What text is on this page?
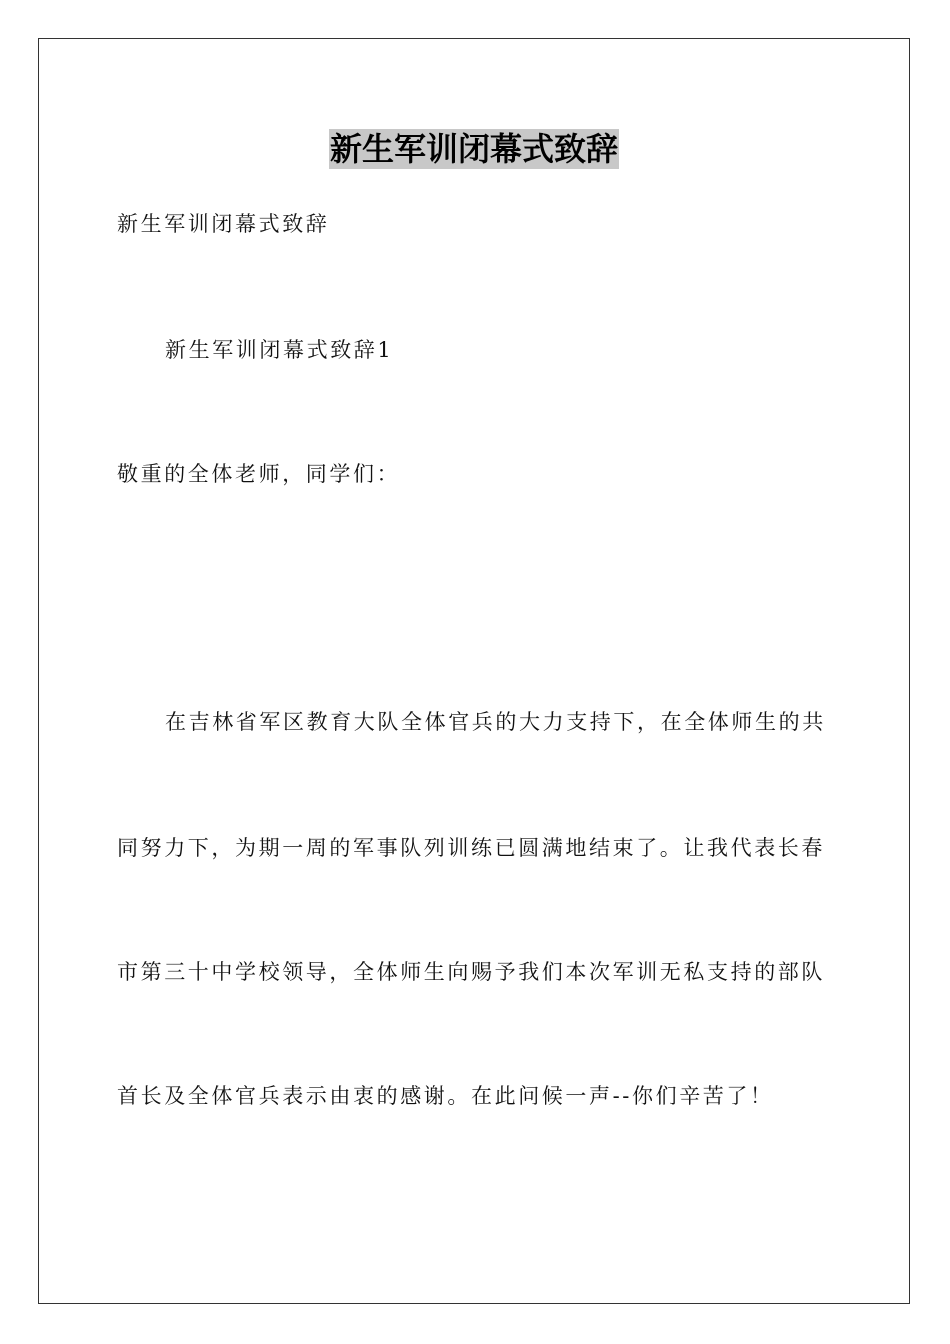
新生军训闭幕式致辞
新生军训闭幕式致辞
新生军训闭幕式致辞1
敬重的全体老师，同学们：
在吉林省军区教育大队全体官兵的大力支持下，在全体师生的共
同努力下，为期一周的军事队列训练已圆满地结束了。让我代表长春
市第三十中学校领导，全体师生向赐予我们本次军训无私支持的部队
首长及全体官兵表示由衷的感谢。在此问候一声--你们辛苦了！
